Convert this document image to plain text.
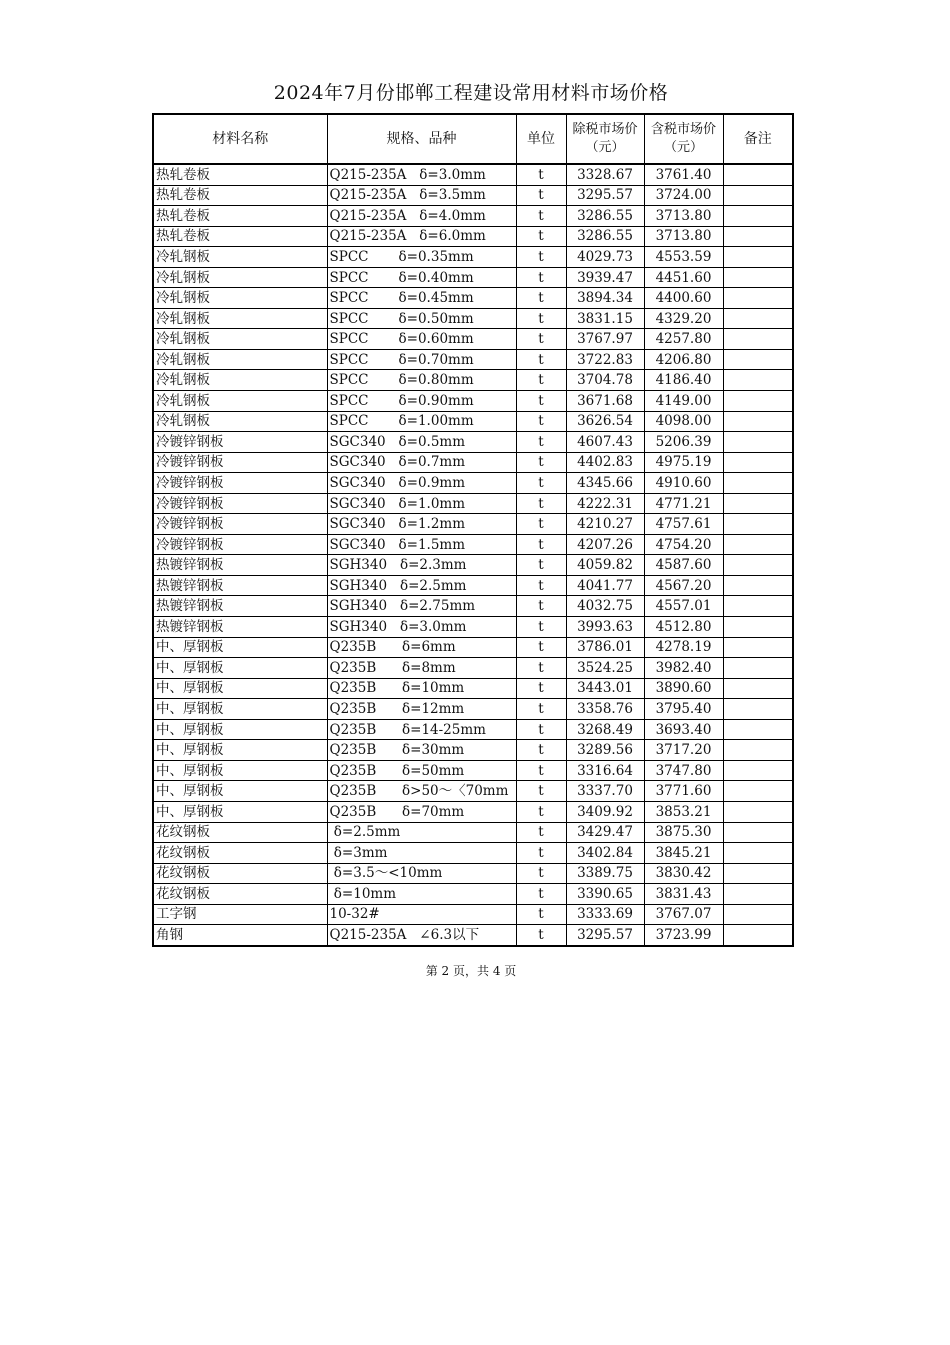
2024年7月份邯郸工程建设常用材料市场价格
材料名称	规格、品种	单位	除税市场价（元）	含税市场价（元）	备注
热轧卷板	Q215-235A   δ=3.0mm	t	3328.67	3761.40	
热轧卷板	Q215-235A   δ=3.5mm	t	3295.57	3724.00	
热轧卷板	Q215-235A   δ=4.0mm	t	3286.55	3713.80	
热轧卷板	Q215-235A   δ=6.0mm	t	3286.55	3713.80	
冷轧钢板	SPCC       δ=0.35mm	t	4029.73	4553.59	
冷轧钢板	SPCC       δ=0.40mm	t	3939.47	4451.60	
冷轧钢板	SPCC       δ=0.45mm	t	3894.34	4400.60	
冷轧钢板	SPCC       δ=0.50mm	t	3831.15	4329.20	
冷轧钢板	SPCC       δ=0.60mm	t	3767.97	4257.80	
冷轧钢板	SPCC       δ=0.70mm	t	3722.83	4206.80	
冷轧钢板	SPCC       δ=0.80mm	t	3704.78	4186.40	
冷轧钢板	SPCC       δ=0.90mm	t	3671.68	4149.00	
冷轧钢板	SPCC       δ=1.00mm	t	3626.54	4098.00	
冷镀锌钢板	SGC340   δ=0.5mm	t	4607.43	5206.39	
冷镀锌钢板	SGC340   δ=0.7mm	t	4402.83	4975.19	
冷镀锌钢板	SGC340   δ=0.9mm	t	4345.66	4910.60	
冷镀锌钢板	SGC340   δ=1.0mm	t	4222.31	4771.21	
冷镀锌钢板	SGC340   δ=1.2mm	t	4210.27	4757.61	
冷镀锌钢板	SGC340   δ=1.5mm	t	4207.26	4754.20	
热镀锌钢板	SGH340   δ=2.3mm	t	4059.82	4587.60	
热镀锌钢板	SGH340   δ=2.5mm	t	4041.77	4567.20	
热镀锌钢板	SGH340   δ=2.75mm	t	4032.75	4557.01	
热镀锌钢板	SGH340   δ=3.0mm	t	3993.63	4512.80	
中、厚钢板	Q235B      δ=6mm	t	3786.01	4278.19	
中、厚钢板	Q235B      δ=8mm	t	3524.25	3982.40	
中、厚钢板	Q235B      δ=10mm	t	3443.01	3890.60	
中、厚钢板	Q235B      δ=12mm	t	3358.76	3795.40	
中、厚钢板	Q235B      δ=14-25mm	t	3268.49	3693.40	
中、厚钢板	Q235B      δ=30mm	t	3289.56	3717.20	
中、厚钢板	Q235B      δ=50mm	t	3316.64	3747.80	
中、厚钢板	Q235B      δ>50～〈70mm	t	3337.70	3771.60	
中、厚钢板	Q235B      δ=70mm	t	3409.92	3853.21	
花纹钢板	δ=2.5mm	t	3429.47	3875.30	
花纹钢板	δ=3mm	t	3402.84	3845.21	
花纹钢板	δ=3.5～<10mm	t	3389.75	3830.42	
花纹钢板	δ=10mm	t	3390.65	3831.43	
工字钢	10-32#	t	3333.69	3767.07	
角钢	Q215-235A   ∠6.3以下	t	3295.57	3723.99	
第 2 页，共 4 页
